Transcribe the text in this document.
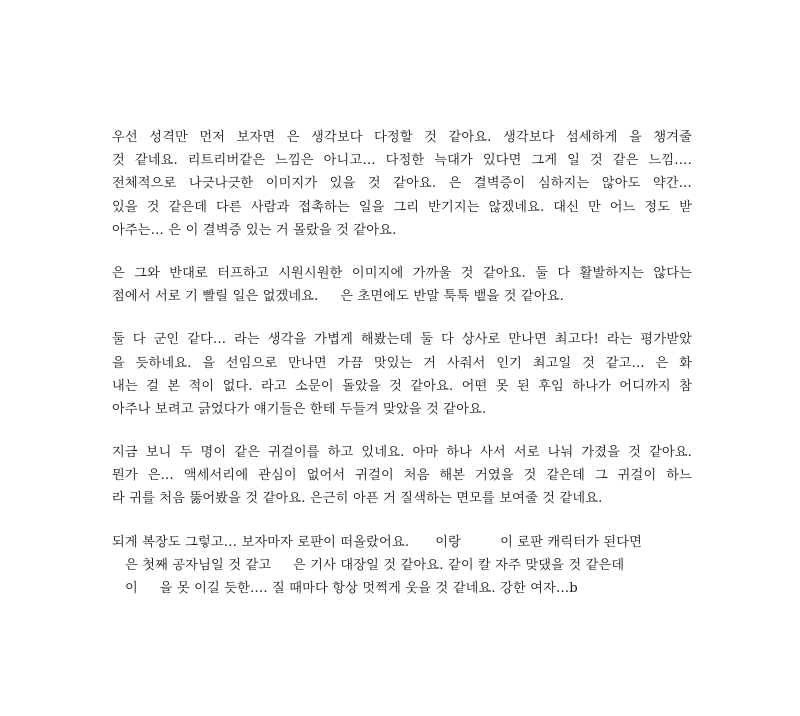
우선 성격만 먼저 보자면 은 생각보다 다정할 것 같아요. 생각보다 섬세하게 을 챙겨줄
것 같네요. 리트리버같은 느낌은 아니고… 다정한 늑대가 있다면 그게 일 것 같은 느낌….
전체적으로 나긋나긋한 이미지가 있을 것 같아요. 은 결벽증이 심하지는 않아도 약간…
있을 것 같은데 다른 사람과 접촉하는 일을 그리 반기지는 않겠네요. 대신 만 어느 정도 받
아주는… 은 이 결벽증 있는 거 몰랐을 것 같아요.
은 그와 반대로 터프하고 시원시원한 이미지에 가까울 것 같아요. 둘 다 활발하지는 않다는
점에서 서로 기 빨릴 일은 없겠네요.     은 초면에도 반말 툭툭 뱉을 것 같아요.
둘 다 군인 같다… 라는 생각을 가볍게 해봤는데 둘 다 상사로 만나면 최고다! 라는 평가받았
을 듯하네요. 을 선임으로 만나면 가끔 맛있는 거 사줘서 인기 최고일 것 같고… 은 화
내는 걸 본 적이 없다. 라고 소문이 돌았을 것 같아요. 어떤 못 된 후임 하나가 어디까지 참
아주나 보려고 긁었다가 얘기들은 한테 두들겨 맞았을 것 같아요.
지금 보니 두 명이 같은 귀걸이를 하고 있네요. 아마 하나 사서 서로 나눠 가졌을 것 같아요.
뭔가 은… 액세서리에 관심이 없어서 귀걸이 처음 해본 거였을 것 같은데 그 귀걸이 하느
라 귀를 처음 뚫어봤을 것 같아요. 은근히 아픈 거 질색하는 면모를 보여줄 것 같네요.
되게 복장도 그렇고… 보자마자 로판이 떠올랐어요.      이랑         이 로판 캐릭터가 된다면
은 첫째 공자님일 것 같고     은 기사 대장일 것 같아요. 같이 칼 자주 맞댔을 것 같은데
이     을 못 이길 듯한…. 질 때마다 항상 멋쩍게 웃을 것 같네요. 강한 여자…b
